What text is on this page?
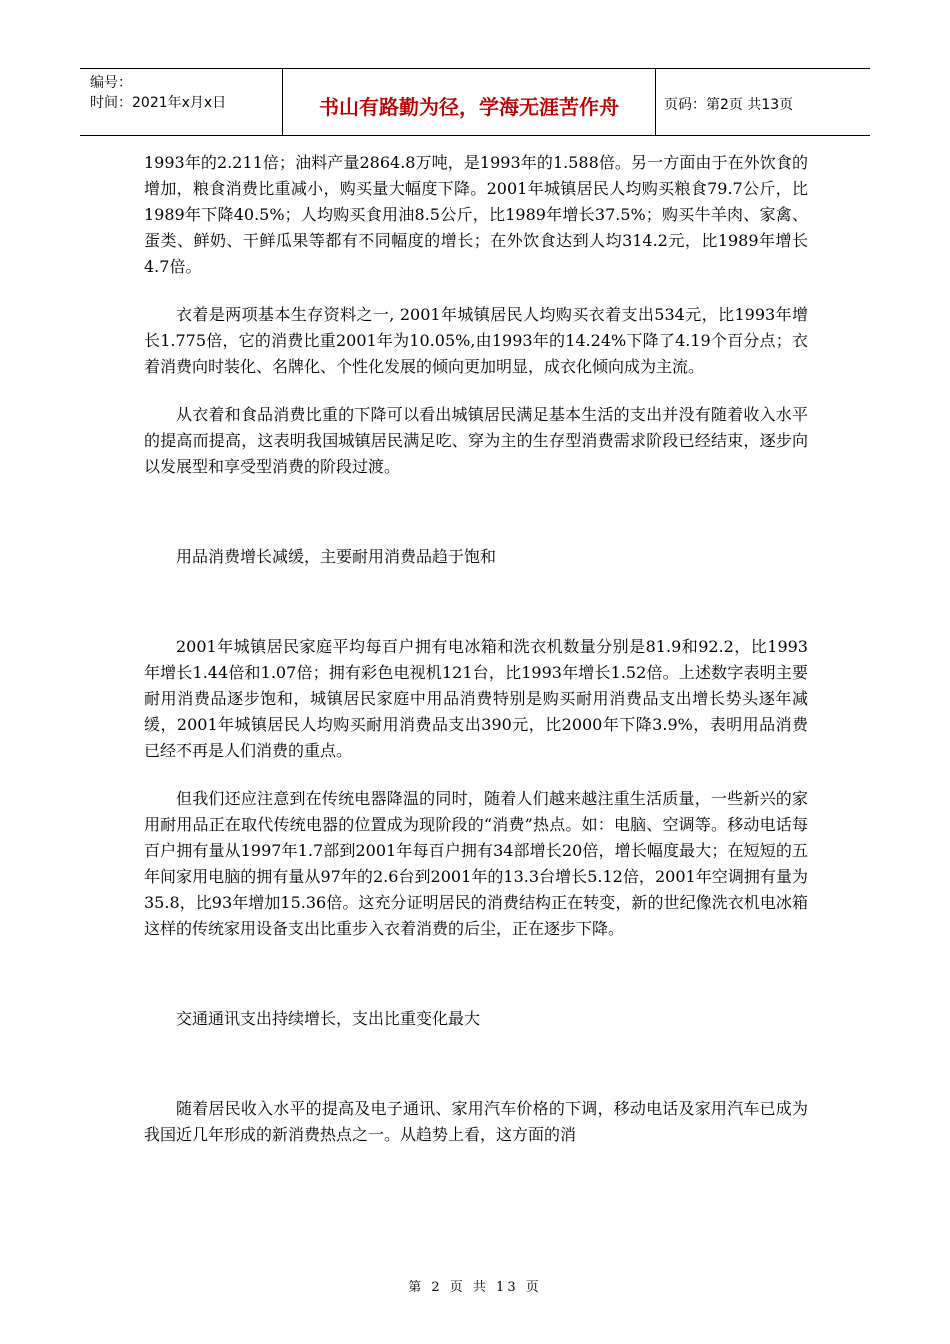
编号：
时间：2021年x月x日	书山有路勤为径，学海无涯苦作舟	页码：第2页 共13页

1993年的2.211倍；油料产量2864.8万吨，是1993年的1.588倍。另一方面由于在外饮食的增加，粮食消费比重减小，购买量大幅度下降。2001年城镇居民人均购买粮食79.7公斤，比1989年下降40.5%；人均购买食用油8.5公斤，比1989年增长37.5%；购买牛羊肉、家禽、蛋类、鲜奶、干鲜瓜果等都有不同幅度的增长；在外饮食达到人均314.2元，比1989年增长4.7倍。

衣着是两项基本生存资料之一, 2001年城镇居民人均购买衣着支出534元，比1993年增长1.775倍，它的消费比重2001年为10.05%,由1993年的14.24%下降了4.19个百分点；衣着消费向时装化、名牌化、个性化发展的倾向更加明显，成衣化倾向成为主流。

从衣着和食品消费比重的下降可以看出城镇居民满足基本生活的支出并没有随着收入水平的提高而提高，这表明我国城镇居民满足吃、穿为主的生存型消费需求阶段已经结束，逐步向以发展型和享受型消费的阶段过渡。

用品消费增长减缓，主要耐用消费品趋于饱和

2001年城镇居民家庭平均每百户拥有电冰箱和洗衣机数量分别是81.9和92.2，比1993年增长1.44倍和1.07倍；拥有彩色电视机121台，比1993年增长1.52倍。上述数字表明主要耐用消费品逐步饱和，城镇居民家庭中用品消费特别是购买耐用消费品支出增长势头逐年减缓，2001年城镇居民人均购买耐用消费品支出390元，比2000年下降3.9%，表明用品消费已经不再是人们消费的重点。

但我们还应注意到在传统电器降温的同时，随着人们越来越注重生活质量，一些新兴的家用耐用品正在取代传统电器的位置成为现阶段的“消费”热点。如：电脑、空调等。移动电话每百户拥有量从1997年1.7部到2001年每百户拥有34部增长20倍，增长幅度最大；在短短的五年间家用电脑的拥有量从97年的2.6台到2001年的13.3台增长5.12倍，2001年空调拥有量为35.8，比93年增加15.36倍。这充分证明居民的消费结构正在转变，新的世纪像洗衣机电冰箱这样的传统家用设备支出比重步入衣着消费的后尘，正在逐步下降。

交通通讯支出持续增长，支出比重变化最大

随着居民收入水平的提高及电子通讯、家用汽车价格的下调，移动电话及家用汽车已成为我国近几年形成的新消费热点之一。从趋势上看，这方面的消

第 2 页 共 13 页
